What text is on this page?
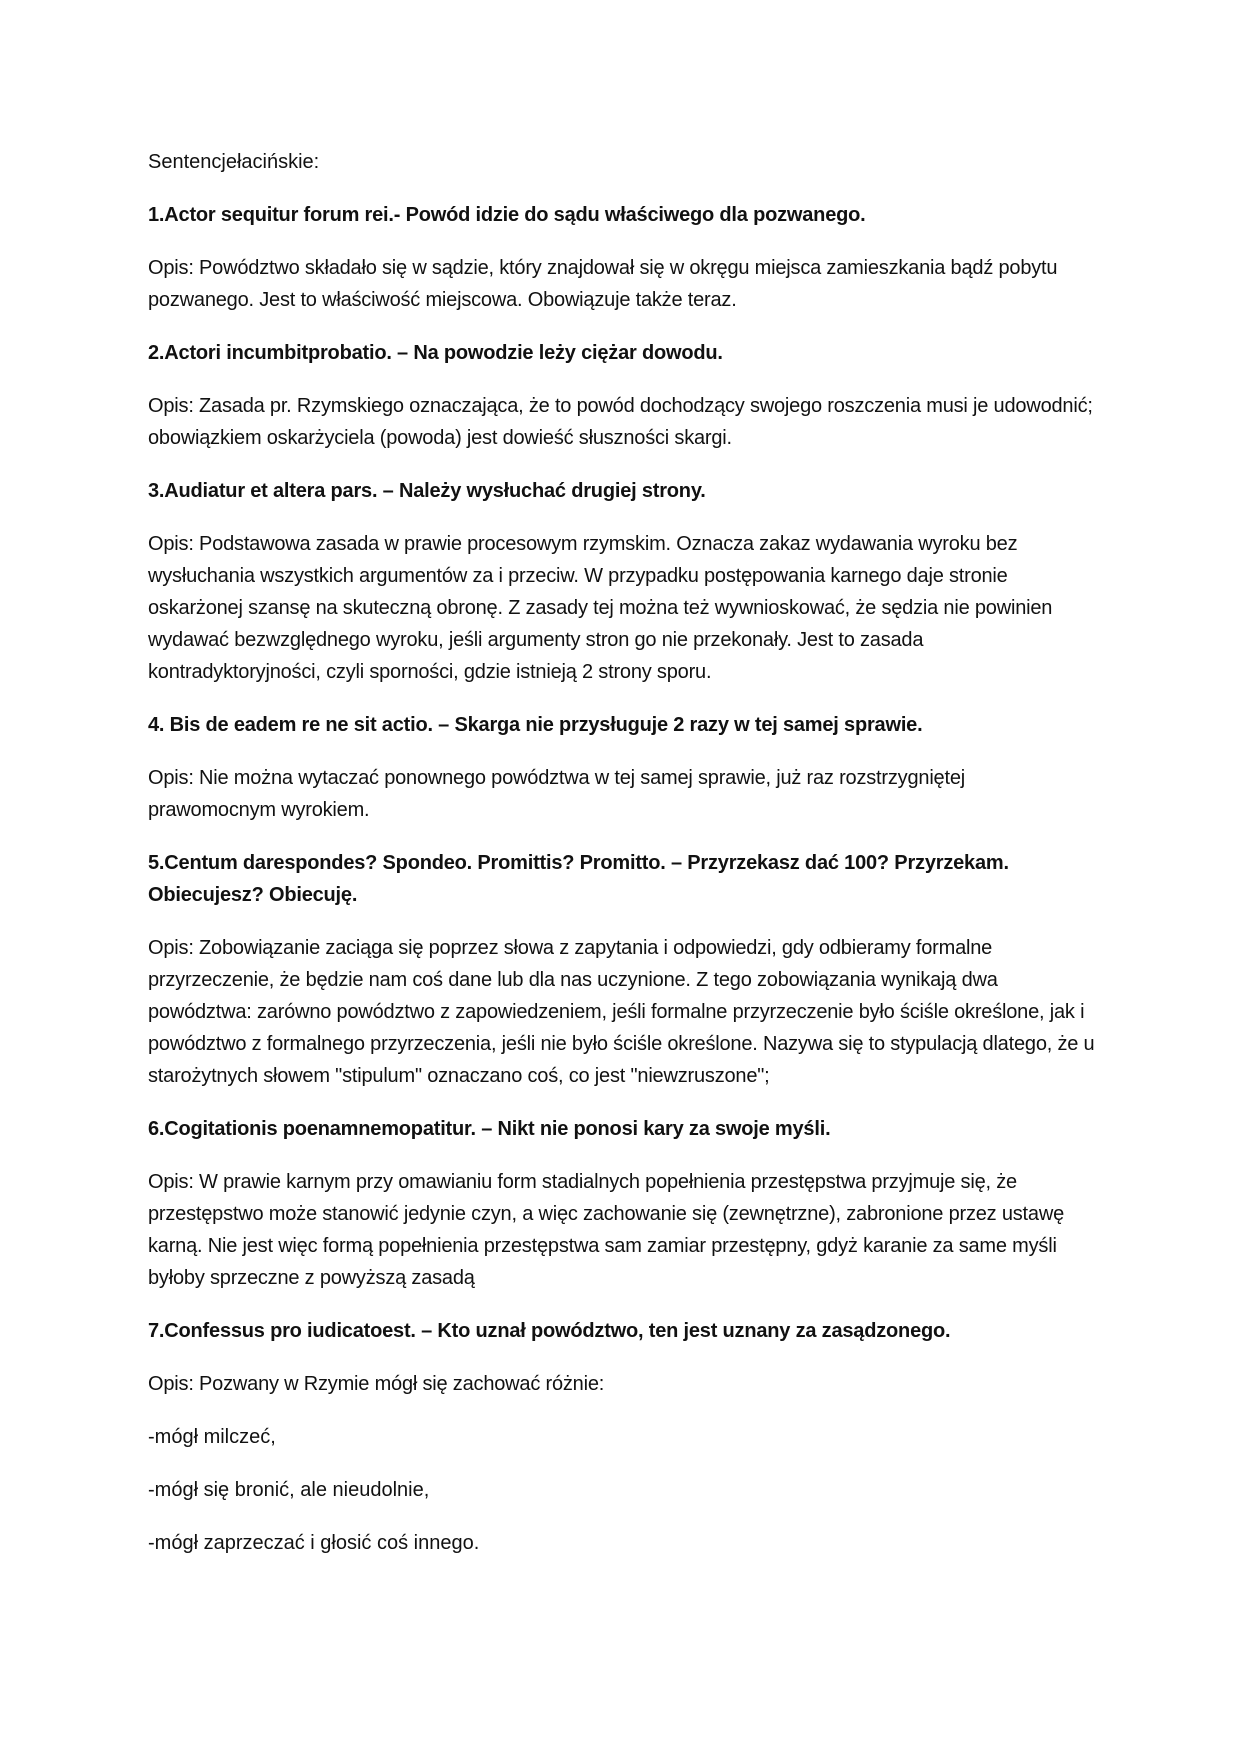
Sentencjełacińskie:

1.Actor sequitur forum rei.- Powód idzie do sądu właściwego dla pozwanego.

Opis: Powództwo składało się w sądzie, który znajdował się w okręgu miejsca zamieszkania bądź pobytu pozwanego. Jest to właściwość miejscowa. Obowiązuje także teraz.

2.Actori incumbitprobatio. – Na powodzie leży ciężar dowodu.

Opis: Zasada pr. Rzymskiego oznaczająca, że to powód dochodzący swojego roszczenia musi je udowodnić; obowiązkiem oskarżyciela (powoda) jest dowieść słuszności skargi.

3.Audiatur et altera pars. – Należy wysłuchać drugiej strony.

Opis: Podstawowa zasada w prawie procesowym rzymskim. Oznacza zakaz wydawania wyroku bez wysłuchania wszystkich argumentów za i przeciw. W przypadku postępowania karnego daje stronie oskarżonej szansę na skuteczną obronę. Z zasady tej można też wywnioskować, że sędzia nie powinien wydawać bezwzględnego wyroku, jeśli argumenty stron go nie przekonały. Jest to zasada kontradyktoryjności, czyli sporności, gdzie istnieją 2 strony sporu.

4. Bis de eadem re ne sit actio. – Skarga nie przysługuje 2 razy w tej samej sprawie.

Opis: Nie można wytaczać ponownego powództwa w tej samej sprawie, już raz rozstrzygniętej prawomocnym wyrokiem.

5.Centum darespondes? Spondeo. Promittis? Promitto. – Przyrzekasz dać 100? Przyrzekam. Obiecujesz? Obiecuję.

Opis: Zobowiązanie zaciąga się poprzez słowa z zapytania i odpowiedzi, gdy odbieramy formalne przyrzeczenie, że będzie nam coś dane lub dla nas uczynione. Z tego zobowiązania wynikają dwa powództwa: zarówno powództwo z zapowiedzeniem, jeśli formalne przyrzeczenie było ściśle określone, jak i powództwo z formalnego przyrzeczenia, jeśli nie było ściśle określone. Nazywa się to stypulacją dlatego, że u starożytnych słowem "stipulum" oznaczano coś, co jest "niewzruszone";

6.Cogitationis poenamnemopatitur. – Nikt nie ponosi kary za swoje myśli.

Opis: W prawie karnym przy omawianiu form stadialnych popełnienia przestępstwa przyjmuje się, że przestępstwo może stanowić jedynie czyn, a więc zachowanie się (zewnętrzne), zabronione przez ustawę karną. Nie jest więc formą popełnienia przestępstwa sam zamiar przestępny, gdyż karanie za same myśli byłoby sprzeczne z powyższą zasadą

7.Confessus pro iudicatoest. – Kto uznał powództwo, ten jest uznany za zasądzonego.

Opis: Pozwany w Rzymie mógł się zachować różnie:

-mógł milczeć,

-mógł się bronić, ale nieudolnie,

-mógł zaprzeczać i głosić coś innego.
